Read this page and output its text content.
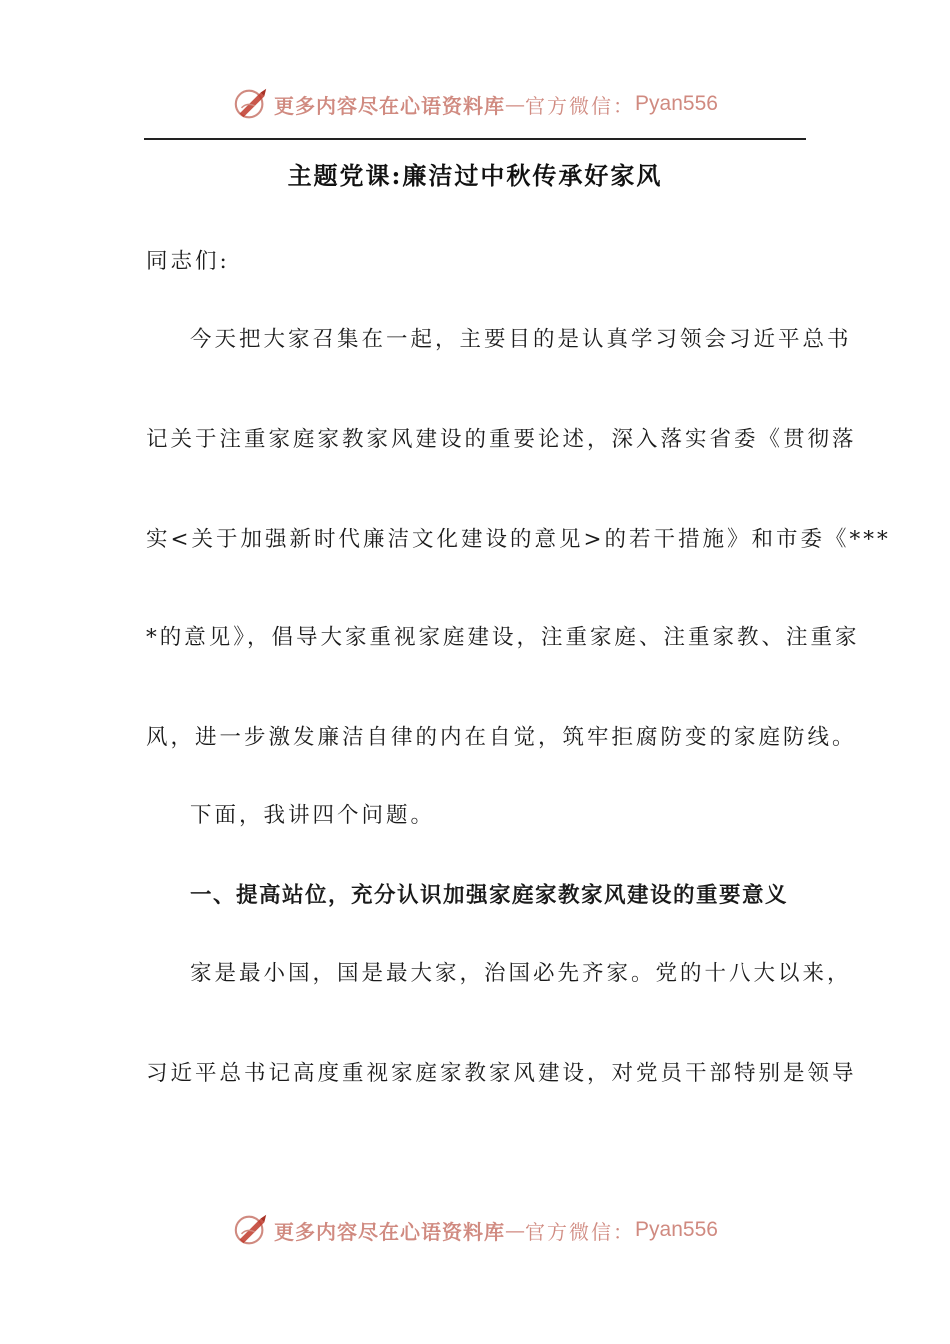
更多内容尽在心语资料库 — 官方微信： Pyan556
主题党课:廉洁过中秋传承好家风
同志们:
今天把大家召集在一起，主要目的是认真学习领会习近平总书
记关于注重家庭家教家风建设的重要论述，深入落实省委《贯彻落
实<关于加强新时代廉洁文化建设的意见>的若干措施》和市委《***
*的意见》，倡导大家重视家庭建设，注重家庭、注重家教、注重家
风，进一步激发廉洁自律的内在自觉，筑牢拒腐防变的家庭防线。
下面，我讲四个问题。
一、提高站位，充分认识加强家庭家教家风建设的重要意义
家是最小国，国是最大家，治国必先齐家。党的十八大以来，
习近平总书记高度重视家庭家教家风建设，对党员干部特别是领导
更多内容尽在心语资料库 — 官方微信： Pyan556
